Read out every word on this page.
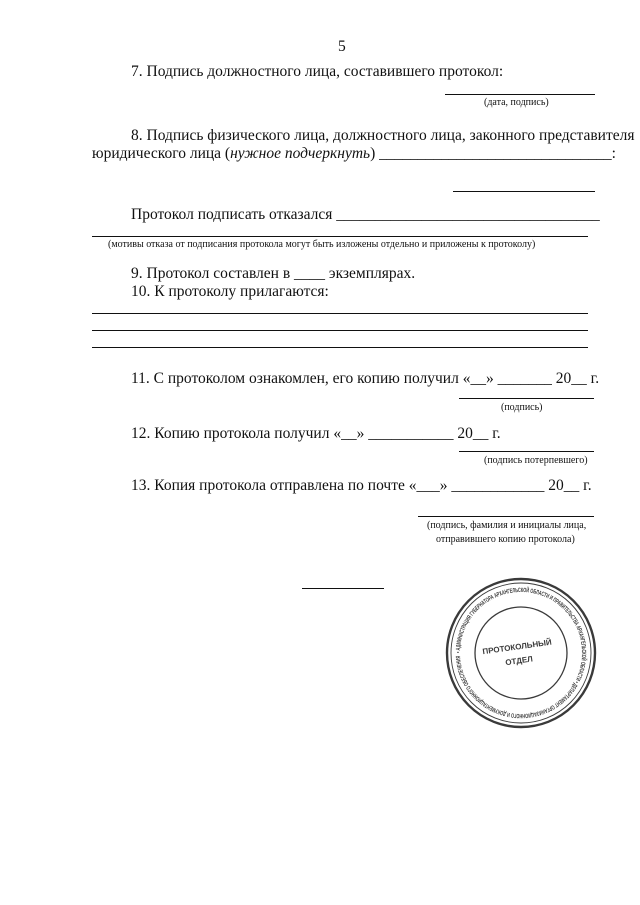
5
7. Подпись должностного лица, составившего протокол:
(дата, подпись)
8. Подпись физического лица, должностного лица, законного представителя
юридического лица (нужное подчеркнуть) ______________________________:
Протокол подписать отказался __________________________________
(мотивы отказа от подписания протокола могут быть изложены отдельно и приложены к протоколу)
9. Протокол составлен в ____ экземплярах.
10. К протоколу прилагаются:
11. С протоколом ознакомлен, его копию получил «__» _______ 20__ г.
(подпись)
12. Копию протокола получил «__» ___________ 20__ г.
(подпись потерпевшего)
13. Копия протокола отправлена по почте «___» ____________ 20__ г.
(подпись, фамилия и инициалы лица,
отправившего копию протокола)
• АДМИНИСТРАЦИЯ ГУБЕРНАТОРА АРХАНГЕЛЬСКОЙ ОБЛАСТИ И ПРАВИТЕЛЬСТВА АРХАНГЕЛЬСКОЙ ОБЛАСТИ • ДЕПАРТАМЕНТ ОРГАНИЗАЦИОННОГО И ДОКУМЕНТАЦИОННОГО ОБЕСПЕЧЕНИЯ
ПРОТОКОЛЬНЫЙ
ОТДЕЛ
